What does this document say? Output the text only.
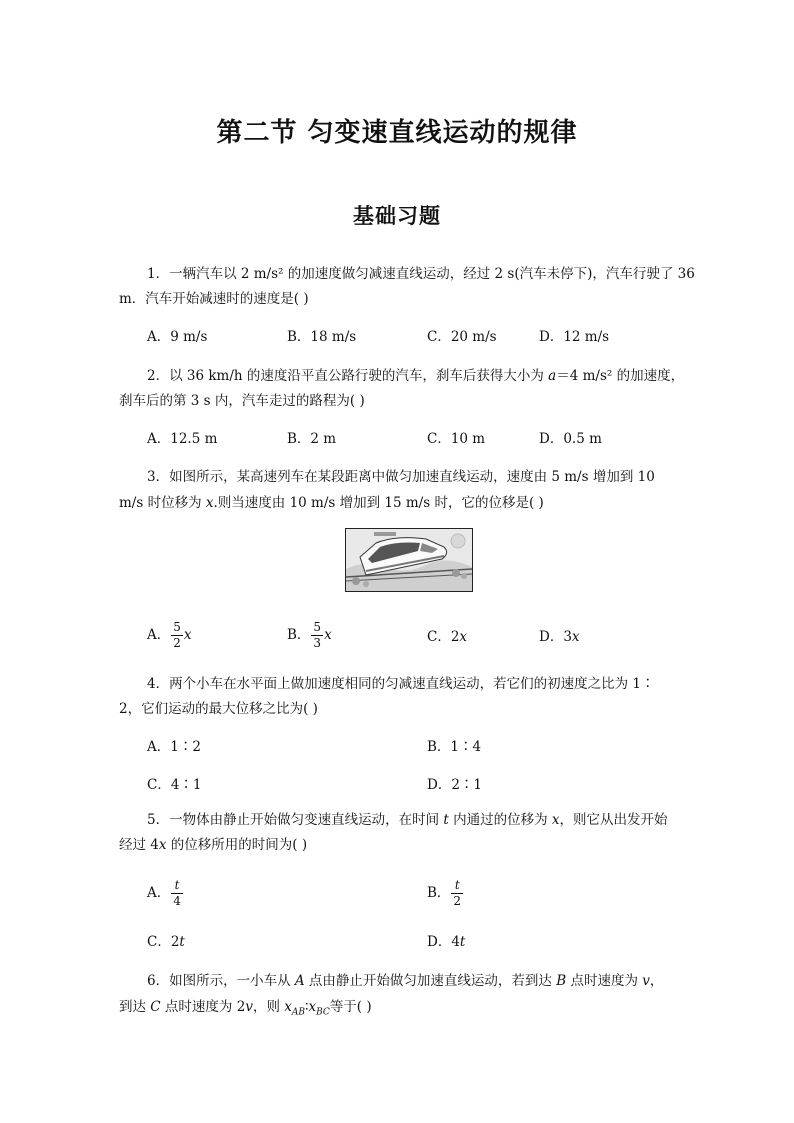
第二节 匀变速直线运动的规律
基础习题
1．一辆汽车以 2 m/s² 的加速度做匀减速直线运动，经过 2 s(汽车未停下)，汽车行驶了 36
m．汽车开始减速时的速度是( )
A．9 m/s	B．18 m/s	C．20 m/s	D．12 m/s
2．以 36 km/h 的速度沿平直公路行驶的汽车，刹车后获得大小为 a＝4 m/s² 的加速度，
刹车后的第 3 s 内，汽车走过的路程为( )
A．12.5 m	B．2 m	C．10 m	D．0.5 m
3．如图所示，某高速列车在某段距离中做匀加速直线运动，速度由 5 m/s 增加到 10
m/s 时位移为 x.则当速度由 10 m/s 增加到 15 m/s 时，它的位移是( )
A． $\frac{5}{2}$ x	B． $\frac{5}{3}$ x	C．2x	D．3x
4．两个小车在水平面上做加速度相同的匀减速直线运动，若它们的初速度之比为 1∶
2，它们运动的最大位移之比为( )
A．1∶2	B．1∶4
C．4∶1	D．2∶1
5．一物体由静止开始做匀变速直线运动，在时间 t 内通过的位移为 x，则它从出发开始
经过 4x 的位移所用的时间为( )
A． $\frac{t}{4}$	B． $\frac{t}{2}$
C．2t	D．4t
6．如图所示，一小车从 A 点由静止开始做匀加速直线运动，若到达 B 点时速度为 v，
到达 C 点时速度为 2v，则 $x_{AB}∶x_{BC}$等于( )
